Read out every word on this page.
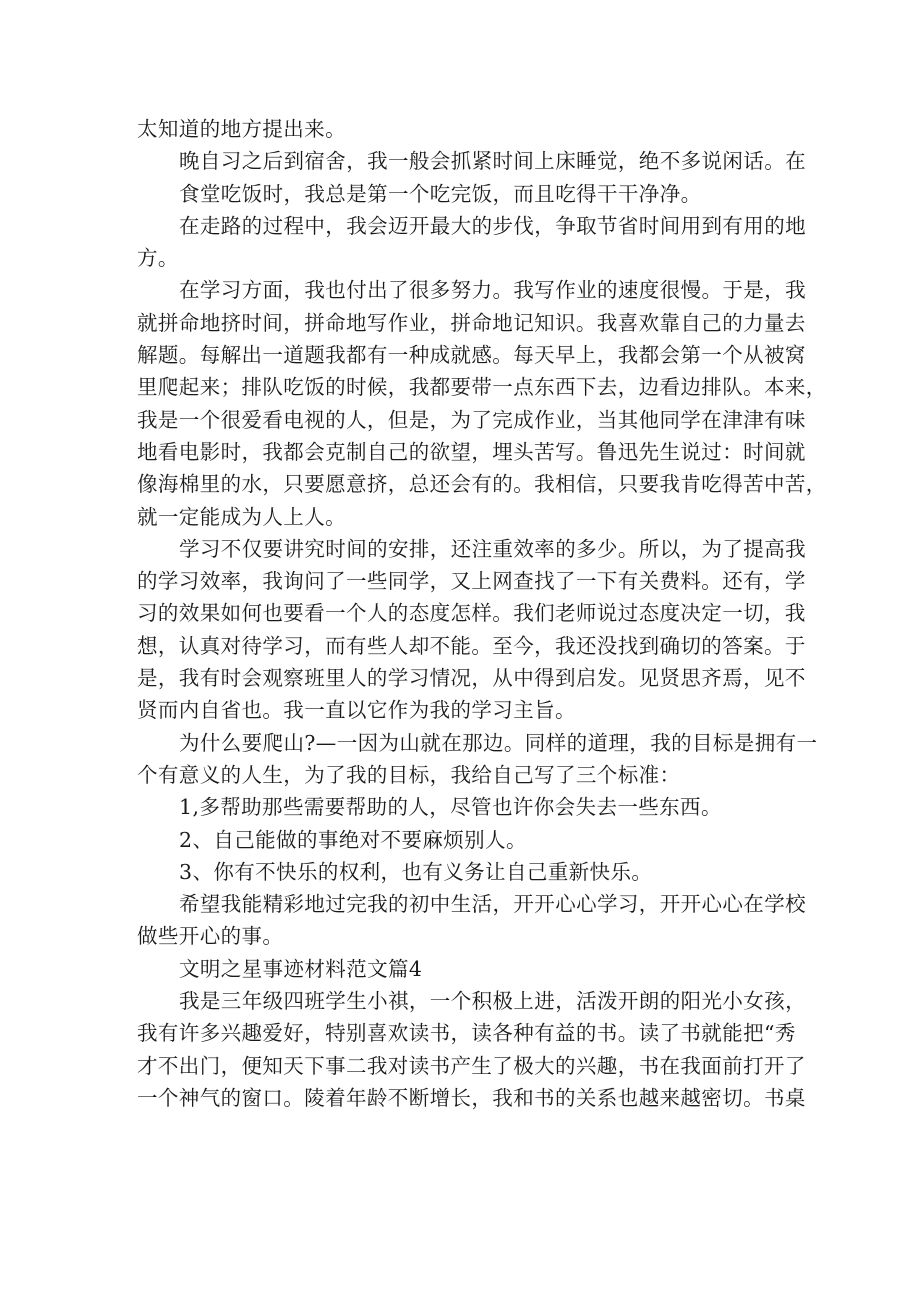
太知道的地方提出来。
晚自习之后到宿舍，我一般会抓紧时间上床睡觉，绝不多说闲话。在
食堂吃饭时，我总是第一个吃完饭，而且吃得干干净净。
在走路的过程中，我会迈开最大的步伐，争取节省时间用到有用的地
方。
在学习方面，我也付出了很多努力。我写作业的速度很慢。于是，我
就拼命地挤时间，拼命地写作业，拼命地记知识。我喜欢靠自己的力量去
解题。每解出一道题我都有一种成就感。每天早上，我都会第一个从被窝
里爬起来；排队吃饭的时候，我都要带一点东西下去，边看边排队。本来，
我是一个很爱看电视的人，但是，为了完成作业，当其他同学在津津有味
地看电影时，我都会克制自己的欲望，埋头苦写。鲁迅先生说过：时间就
像海棉里的水，只要愿意挤，总还会有的。我相信，只要我肯吃得苦中苦，
就一定能成为人上人。
学习不仅要讲究时间的安排，还注重效率的多少。所以，为了提高我
的学习效率，我询问了一些同学，又上网查找了一下有关费料。还有，学
习的效果如何也要看一个人的态度怎样。我们老师说过态度决定一切，我
想，认真对待学习，而有些人却不能。至今，我还没找到确切的答案。于
是，我有时会观察班里人的学习情况，从中得到启发。见贤思齐焉，见不
贤而内自省也。我一直以它作为我的学习主旨。
为什么要爬山?—一因为山就在那边。同样的道理，我的目标是拥有一
个有意义的人生，为了我的目标，我给自己写了三个标准：
1,多帮助那些需要帮助的人，尽管也许你会失去一些东西。
2、自己能做的事绝对不要麻烦别人。
3、你有不快乐的权利，也有义务让自己重新快乐。
希望我能精彩地过完我的初中生活，开开心心学习，开开心心在学校
做些开心的事。
文明之星事迹材料范文篇4
我是三年级四班学生小祺，一个积极上进，活泼开朗的阳光小女孩，
我有许多兴趣爱好，特别喜欢读书，读各种有益的书。读了书就能把“秀
才不出门，便知天下事二我对读书产生了极大的兴趣，书在我面前打开了
一个神气的窗口。陵着年龄不断增长，我和书的关系也越来越密切。书桌
